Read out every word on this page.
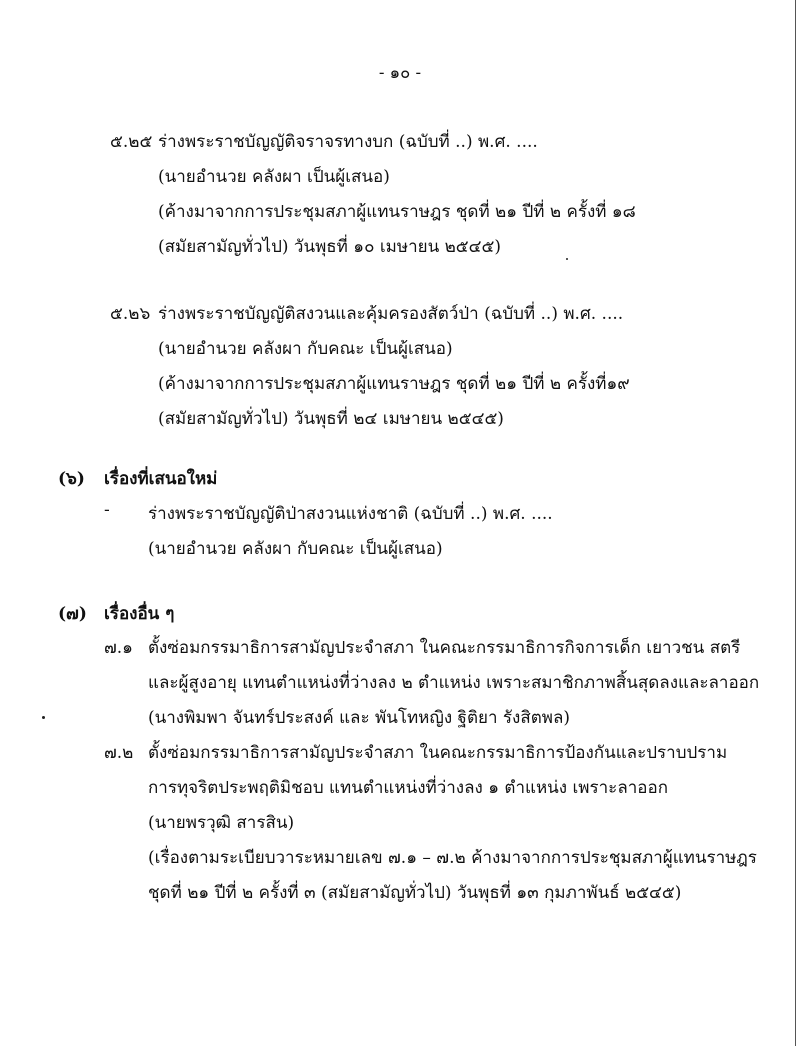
- ๑๐ -
๕.๒๕ ร่างพระราชบัญญัติจราจรทางบก (ฉบับที่ ..) พ.ศ. ....
(นายอำนวย คลังผา เป็นผู้เสนอ)
(ค้างมาจากการประชุมสภาผู้แทนราษฎร ชุดที่ ๒๑ ปีที่ ๒ ครั้งที่ ๑๘
(สมัยสามัญทั่วไป) วันพุธที่ ๑๐ เมษายน ๒๕๔๕)
๕.๒๖ ร่างพระราชบัญญัติสงวนและคุ้มครองสัตว์ป่า (ฉบับที่ ..) พ.ศ. ....
(นายอำนวย คลังผา กับคณะ เป็นผู้เสนอ)
(ค้างมาจากการประชุมสภาผู้แทนราษฎร ชุดที่ ๒๑ ปีที่ ๒ ครั้งที่๑๙
(สมัยสามัญทั่วไป) วันพุธที่ ๒๔ เมษายน ๒๕๔๕)
(๖) เรื่องที่เสนอใหม่
- ร่างพระราชบัญญัติป่าสงวนแห่งชาติ (ฉบับที่ ..) พ.ศ. ....
(นายอำนวย คลังผา กับคณะ เป็นผู้เสนอ)
(๗) เรื่องอื่น ๆ
๗.๑ ตั้งซ่อมกรรมาธิการสามัญประจำสภา ในคณะกรรมาธิการกิจการเด็ก เยาวชน สตรี
และผู้สูงอายุ แทนตำแหน่งที่ว่างลง ๒ ตำแหน่ง เพราะสมาชิกภาพสิ้นสุดลงและลาออก
(นางพิมพา จันทร์ประสงค์ และ พันโทหญิง ฐิติยา รังสิตพล)
๗.๒ ตั้งซ่อมกรรมาธิการสามัญประจำสภา ในคณะกรรมาธิการป้องกันและปราบปราม
การทุจริตประพฤติมิชอบ แทนตำแหน่งที่ว่างลง ๑ ตำแหน่ง เพราะลาออก
(นายพรวุฒิ สารสิน)
(เรื่องตามระเบียบวาระหมายเลข ๗.๑ – ๗.๒ ค้างมาจากการประชุมสภาผู้แทนราษฎร
ชุดที่ ๒๑ ปีที่ ๒ ครั้งที่ ๓ (สมัยสามัญทั่วไป) วันพุธที่ ๑๓ กุมภาพันธ์ ๒๕๔๕)
